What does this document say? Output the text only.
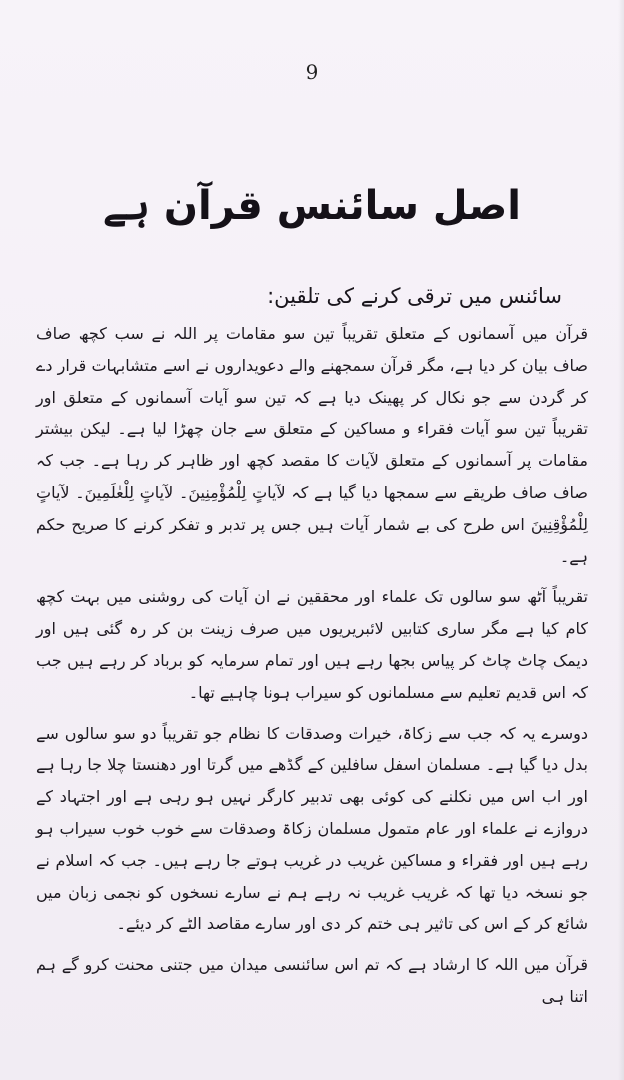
9
اصل سائنس قرآن ہے
سائنس میں ترقی کرنے کی تلقین:

قرآن میں آسمانوں کے متعلق تقریباً تین سو مقامات پر اللہ نے سب کچھ صاف صاف بیان کر دیا ہے، مگر قرآن سمجھنے والے دعویداروں نے اسے متشابہات قرار دے کر گردن سے جو نکال کر پھینک دیا ہے کہ تین سو آیات آسمانوں کے متعلق اور تقریباً تین سو آیات فقراء و مساکین کے متعلق سے جان چھڑا لیا ہے۔ لیکن بیشتر مقامات پر آسمانوں کے متعلق لآیات کا مقصد کچھ اور ظاہر کر رہا ہے۔ جب کہ صاف صاف طریقے سے سمجھا دیا گیا ہے کہ لآیاتٍ لِلْمُؤْمِنِینَ۔ لآیاتٍ لِلْعٰلَمِینَ۔ لآیاتٍ لِلْمُؤْقِنِینَ اس طرح کی بے شمار آیات ہیں جس پر تدبر و تفکر کرنے کا صریح حکم ہے۔

تقریباً آٹھ سو سالوں تک علماء اور محققین نے ان آیات کی روشنی میں بہت کچھ کام کیا ہے مگر ساری کتابیں لائبریریوں میں صرف زینت بن کر رہ گئی ہیں اور دیمک چاٹ چاٹ کر پیاس بجھا رہے ہیں اور تمام سرمایہ کو برباد کر رہے ہیں جب کہ اس قدیم تعلیم سے مسلمانوں کو سیراب ہونا چاہیے تھا۔

دوسرے یہ کہ جب سے زکاۃ، خیرات وصدقات کا نظام جو تقریباً دو سو سالوں سے بدل دیا گیا ہے۔ مسلمان اسفل سافلین کے گڈھے میں گرتا اور دھنستا چلا جا رہا ہے اور اب اس میں نکلنے کی کوئی بھی تدبیر کارگر نہیں ہو رہی ہے اور اجتہاد کے دروازے نے علماء اور عام متمول مسلمان زکاۃ وصدقات سے خوب خوب سیراب ہو رہے ہیں اور فقراء و مساکین غریب در غریب ہوتے جا رہے ہیں۔ جب کہ اسلام نے جو نسخہ دیا تھا کہ غریب غریب نہ رہے ہم نے سارے نسخوں کو نجمی زبان میں شائع کر کے اس کی تاثیر ہی ختم کر دی اور سارے مقاصد الٹے کر دیئے۔

قرآن میں اللہ کا ارشاد ہے کہ تم اس سائنسی میدان میں جتنی محنت کرو گے ہم اتنا ہی
